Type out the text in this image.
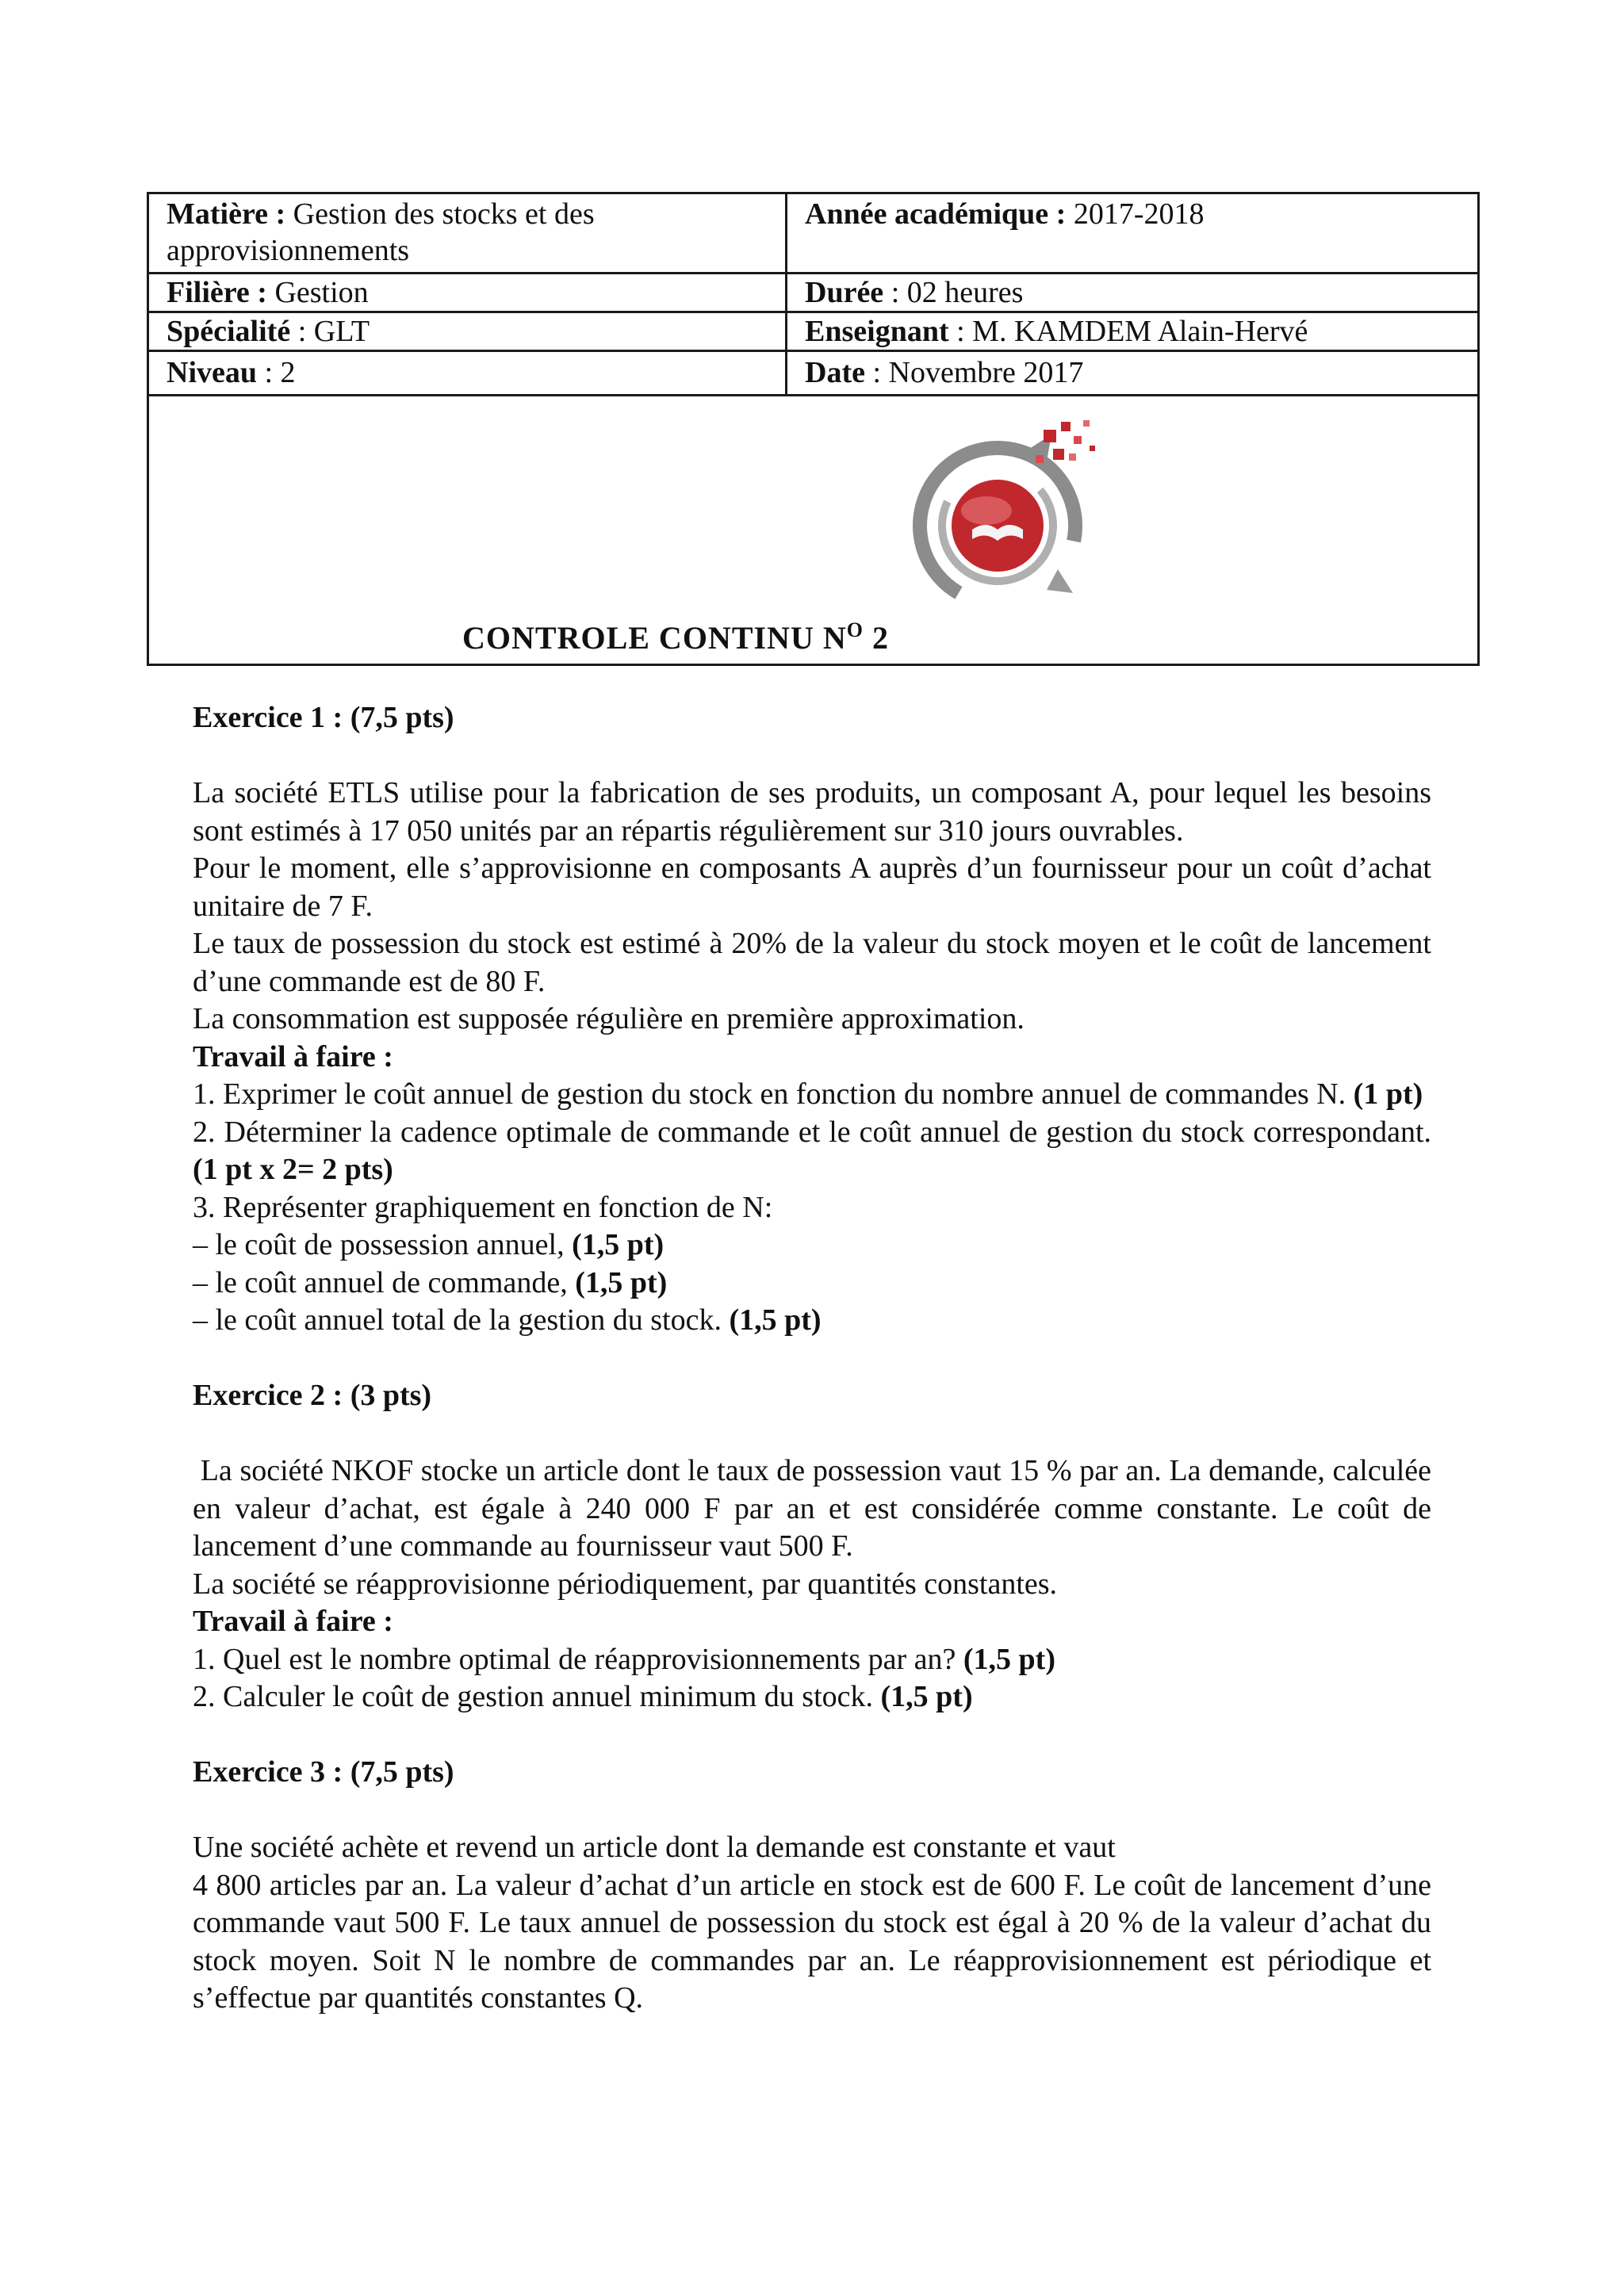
Matière : Gestion des stocks et des approvisionnements	Année académique : 2017-2018
Filière : Gestion	Durée : 02 heures
Spécialité : GLT	Enseignant : M. KAMDEM Alain-Hervé
Niveau : 2	Date : Novembre 2017

CONTROLE CONTINU $N^O$ 2	

Exercice 1 : (7,5 pts)

La société ETLS utilise pour la fabrication de ses produits, un composant A, pour lequel les besoins sont estimés à 17 050 unités par an répartis régulièrement sur 310 jours ouvrables.

Pour le moment, elle s’approvisionne en composants A auprès d’un fournisseur pour un coût d’achat unitaire de 7 F.

Le taux de possession du stock est estimé à 20% de la valeur du stock moyen et le coût de lancement d’une commande est de 80 F.

La consommation est supposée régulière en première approximation.

Travail à faire :

1. Exprimer le coût annuel de gestion du stock en fonction du nombre annuel de commandes N. (1 pt)

2. Déterminer la cadence optimale de commande et le coût annuel de gestion du stock correspondant. (1 pt x 2= 2 pts)

3. Représenter graphiquement en fonction de N:

– le coût de possession annuel, (1,5 pt)

– le coût annuel de commande, (1,5 pt)

– le coût annuel total de la gestion du stock. (1,5 pt)

Exercice 2 : (3 pts)

La société NKOF stocke un article dont le taux de possession vaut 15 % par an. La demande, calculée en valeur d’achat, est égale à 240 000 F par an et est considérée comme constante. Le coût de lancement d’une commande au fournisseur vaut 500 F.

La société se réapprovisionne périodiquement, par quantités constantes.

Travail à faire :

1. Quel est le nombre optimal de réapprovisionnements par an? (1,5 pt)

2. Calculer le coût de gestion annuel minimum du stock. (1,5 pt)

Exercice 3 : (7,5 pts)

Une société achète et revend un article dont la demande est constante et vaut

4 800 articles par an. La valeur d’achat d’un article en stock est de 600 F. Le coût de lancement d’une commande vaut 500 F. Le taux annuel de possession du stock est égal à 20 % de la valeur d’achat du stock moyen. Soit N le nombre de commandes par an. Le réapprovisionnement est périodique et s’effectue par quantités constantes Q.
